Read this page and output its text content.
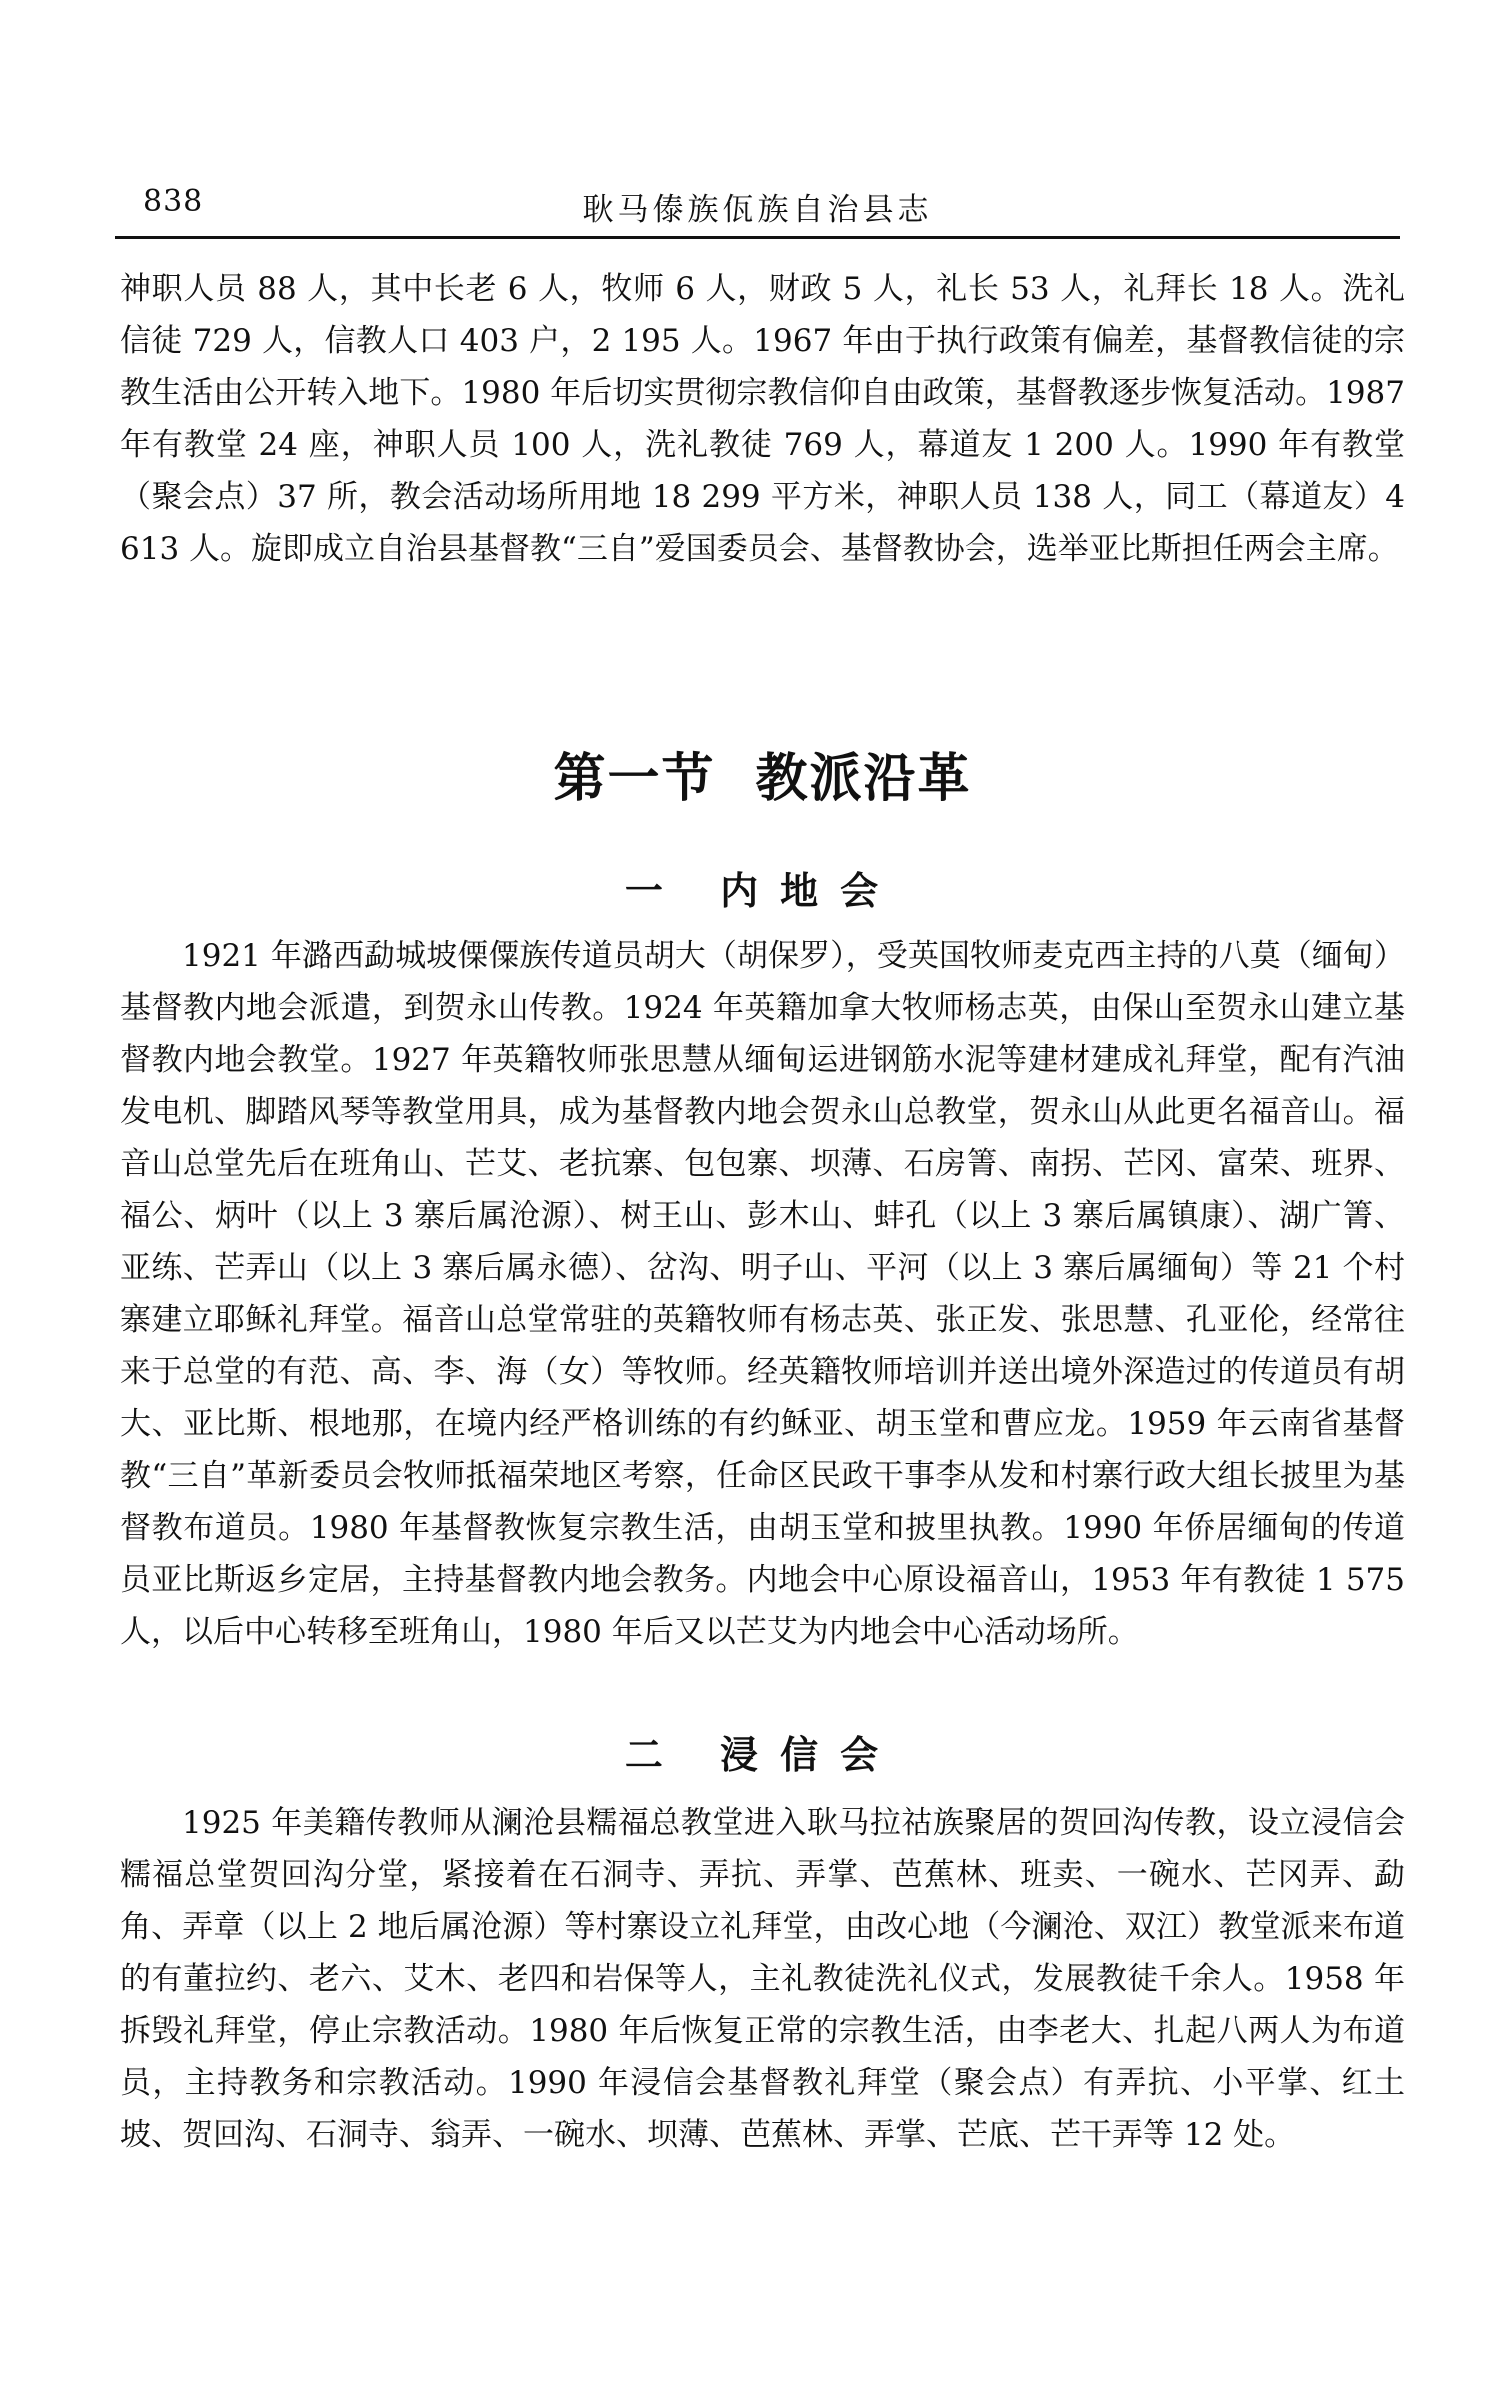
838	耿马傣族佤族自治县志

神职人员 88 人，其中长老 6 人，牧师 6 人，财政 5 人，礼长 53 人，礼拜长 18 人。洗礼信徒 729 人，信教人口 403 户，2 195 人。1967 年由于执行政策有偏差，基督教信徒的宗教生活由公开转入地下。1980 年后切实贯彻宗教信仰自由政策，基督教逐步恢复活动。1987 年有教堂 24 座，神职人员 100 人，洗礼教徒 769 人，幕道友 1 200 人。1990 年有教堂（聚会点）37 所，教会活动场所用地 18 299 平方米，神职人员 138 人，同工（幕道友）4 613 人。旋即成立自治县基督教“三自”爱国委员会、基督教协会，选举亚比斯担任两会主席。

第一节 教派沿革
一 内地会

1921 年潞西勐城坡傈僳族传道员胡大（胡保罗），受英国牧师麦克西主持的八莫（缅甸）基督教内地会派遣，到贺永山传教。1924 年英籍加拿大牧师杨志英，由保山至贺永山建立基督教内地会教堂。1927 年英籍牧师张思慧从缅甸运进钢筋水泥等建材建成礼拜堂，配有汽油发电机、脚踏风琴等教堂用具，成为基督教内地会贺永山总教堂，贺永山从此更名福音山。福音山总堂先后在班角山、芒艾、老抗寨、包包寨、坝薄、石房箐、南拐、芒冈、富荣、班界、福公、炳叶（以上 3 寨后属沧源）、树王山、彭木山、蚌孔（以上 3 寨后属镇康）、湖广箐、亚练、芒弄山（以上 3 寨后属永德）、岔沟、明子山、平河（以上 3 寨后属缅甸）等 21 个村寨建立耶稣礼拜堂。福音山总堂常驻的英籍牧师有杨志英、张正发、张思慧、孔亚伦，经常往来于总堂的有范、高、李、海（女）等牧师。经英籍牧师培训并送出境外深造过的传道员有胡大、亚比斯、根地那，在境内经严格训练的有约稣亚、胡玉堂和曹应龙。1959 年云南省基督教“三自”革新委员会牧师抵福荣地区考察，任命区民政干事李从发和村寨行政大组长披里为基督教布道员。1980 年基督教恢复宗教生活，由胡玉堂和披里执教。1990 年侨居缅甸的传道员亚比斯返乡定居，主持基督教内地会教务。内地会中心原设福音山，1953 年有教徒 1 575 人，以后中心转移至班角山，1980 年后又以芒艾为内地会中心活动场所。

二 浸信会

1925 年美籍传教师从澜沧县糯福总教堂进入耿马拉祜族聚居的贺回沟传教，设立浸信会糯福总堂贺回沟分堂，紧接着在石洞寺、弄抗、弄掌、芭蕉林、班卖、一碗水、芒冈弄、勐角、弄章（以上 2 地后属沧源）等村寨设立礼拜堂，由改心地（今澜沧、双江）教堂派来布道的有董拉约、老六、艾木、老四和岩保等人，主礼教徒洗礼仪式，发展教徒千余人。1958 年拆毁礼拜堂，停止宗教活动。1980 年后恢复正常的宗教生活，由李老大、扎起八两人为布道员，主持教务和宗教活动。1990 年浸信会基督教礼拜堂（聚会点）有弄抗、小平掌、红土坡、贺回沟、石洞寺、翁弄、一碗水、坝薄、芭蕉林、弄掌、芒底、芒干弄等 12 处。
